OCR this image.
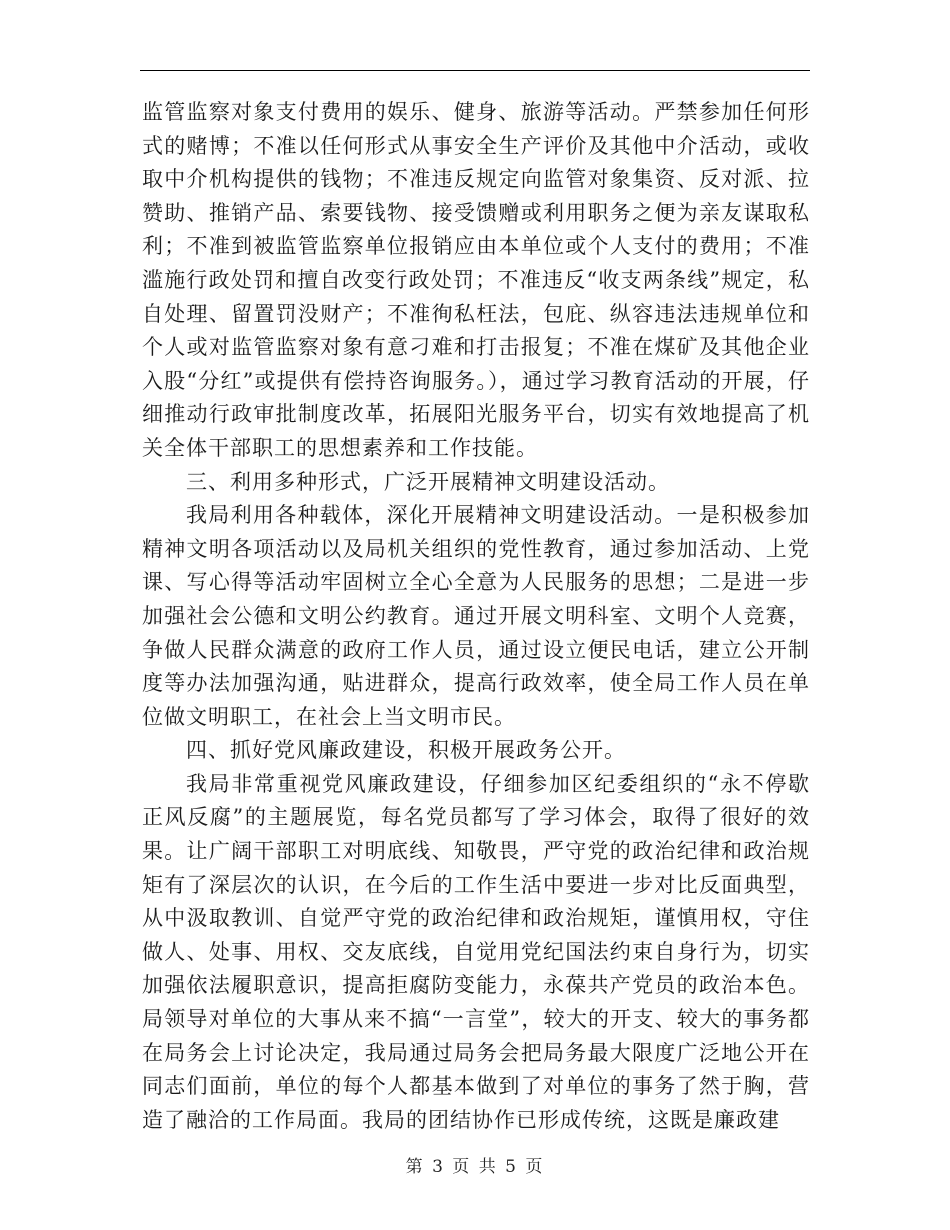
监管监察对象支付费用的娱乐、健身、旅游等活动。严禁参加任何形式的赌博；不准以任何形式从事安全生产评价及其他中介活动，或收取中介机构提供的钱物；不准违反规定向监管对象集资、反对派、拉赞助、推销产品、索要钱物、接受馈赠或利用职务之便为亲友谋取私利；不准到被监管监察单位报销应由本单位或个人支付的费用；不准滥施行政处罚和擅自改变行政处罚；不准违反“收支两条线”规定，私自处理、留置罚没财产；不准徇私枉法，包庇、纵容违法违规单位和个人或对监管监察对象有意刁难和打击报复；不准在煤矿及其他企业入股“分红”或提供有偿持咨询服务。），通过学习教育活动的开展，仔细推动行政审批制度改革，拓展阳光服务平台，切实有效地提高了机关全体干部职工的思想素养和工作技能。

三、利用多种形式，广泛开展精神文明建设活动。

我局利用各种载体，深化开展精神文明建设活动。一是积极参加精神文明各项活动以及局机关组织的党性教育，通过参加活动、上党课、写心得等活动牢固树立全心全意为人民服务的思想；二是进一步加强社会公德和文明公约教育。通过开展文明科室、文明个人竞赛，争做人民群众满意的政府工作人员，通过设立便民电话，建立公开制度等办法加强沟通，贴进群众，提高行政效率，使全局工作人员在单位做文明职工，在社会上当文明市民。

四、抓好党风廉政建设，积极开展政务公开。

我局非常重视党风廉政建设，仔细参加区纪委组织的“永不停歇正风反腐”的主题展览，每名党员都写了学习体会，取得了很好的效果。让广阔干部职工对明底线、知敬畏，严守党的政治纪律和政治规矩有了深层次的认识，在今后的工作生活中要进一步对比反面典型，从中汲取教训、自觉严守党的政治纪律和政治规矩，谨慎用权，守住做人、处事、用权、交友底线，自觉用党纪国法约束自身行为，切实加强依法履职意识，提高拒腐防变能力，永葆共产党员的政治本色。局领导对单位的大事从来不搞“一言堂”，较大的开支、较大的事务都在局务会上讨论决定，我局通过局务会把局务最大限度广泛地公开在同志们面前，单位的每个人都基本做到了对单位的事务了然于胸，营造了融洽的工作局面。我局的团结协作已形成传统，这既是廉政建

第 3 页 共 5 页
